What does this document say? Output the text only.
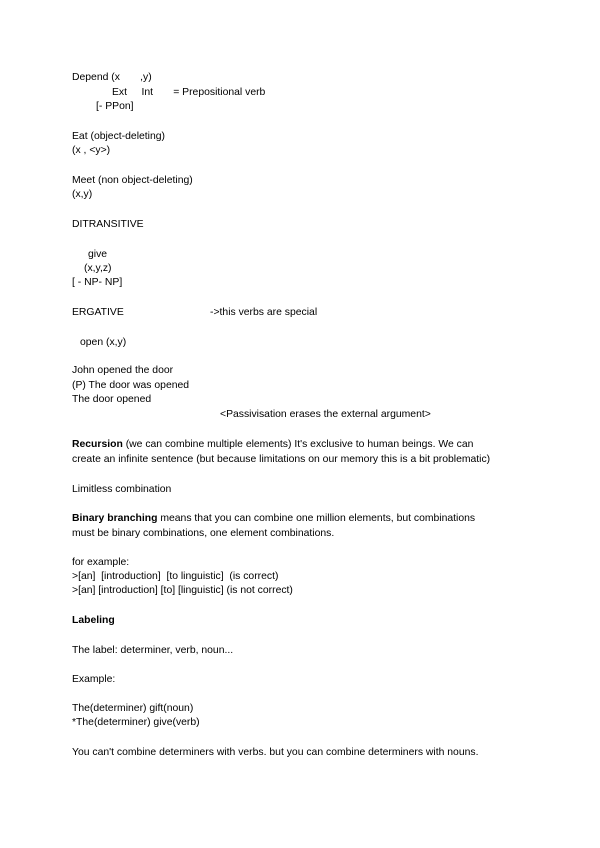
Depend (x       ,y)
Ext     Int       = Prepositional verb
[- PPon]
Eat (object-deleting)
(x , <y>)
Meet (non object-deleting)
(x,y)
DITRANSITIVE
give
(x,y,z)
[ - NP- NP]
ERGATIVE	->this verbs are special
open (x,y)
John opened the door
(P) The door was opened
The door opened
<Passivisation erases the external argument>
Recursion (we can combine multiple elements) It's exclusive to human beings. We can
create an infinite sentence (but because limitations on our memory this is a bit problematic)
Limitless combination
Binary branching means that you can combine one million elements, but combinations
must be binary combinations, one element combinations.
for example:
>[an]  [introduction]  [to linguistic]  (is correct)
>[an] [introduction] [to] [linguistic] (is not correct)
Labeling
The label: determiner, verb, noun...
Example:
The(determiner) gift(noun)
*The(determiner) give(verb)
You can't combine determiners with verbs. but you can combine determiners with nouns.
